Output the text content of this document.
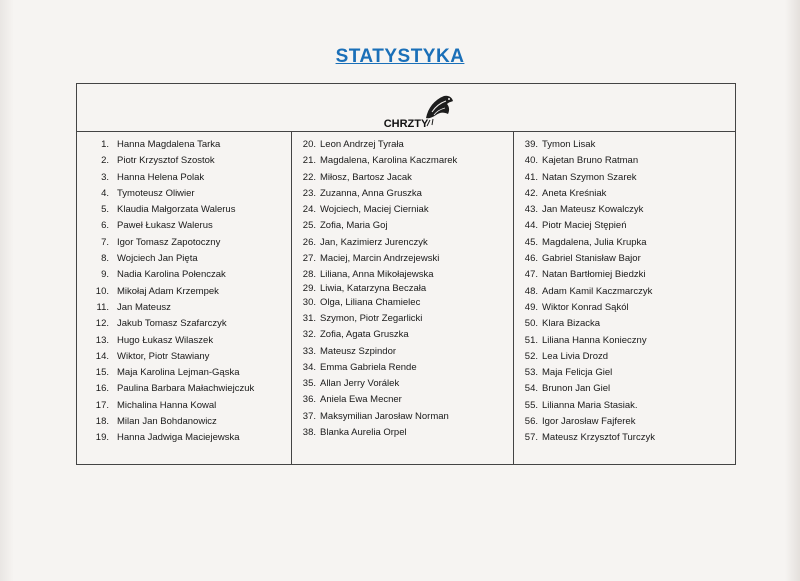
STATYSTYKA
CHRZTY
1. Hanna Magdalena Tarka
2. Piotr Krzysztof Szostok
3. Hanna Helena Polak
4. Tymoteusz Oliwier
5. Klaudia Małgorzata Walerus
6. Paweł Łukasz Walerus
7. Igor Tomasz Zapotoczny
8. Wojciech Jan Pięta
9. Nadia Karolina Połenczak
10. Mikołaj Adam Krzempek
11. Jan Mateusz
12. Jakub Tomasz Szafarczyk
13. Hugo Łukasz Wilaszek
14. Wiktor, Piotr Stawiany
15. Maja Karolina Lejman-Gąska
16. Paulina Barbara Małachwiejczuk
17. Michalina Hanna Kowal
18. Milan Jan Bohdanowicz
19. Hanna Jadwiga Maciejewska
20. Leon Andrzej Tyrała
21. Magdalena, Karolina Kaczmarek
22. Miłosz, Bartosz Jacak
23. Zuzanna, Anna Gruszka
24. Wojciech, Maciej Cierniak
25. Zofia, Maria Goj
26. Jan, Kazimierz Jurenczyk
27. Maciej, Marcin Andrzejewski
28. Liliana, Anna Mikołajewska
29. Liwia, Katarzyna Beczała
30. Olga, Liliana Chamielec
31. Szymon, Piotr Zegarlicki
32. Zofia, Agata Gruszka
33. Mateusz Szpindor
34. Emma Gabriela Rende
35. Allan Jerry Vorálek
36. Aniela Ewa Mecner
37. Maksymilian Jarosław Norman
38. Blanka Aurelia Orpel
39. Tymon Lisak
40. Kajetan Bruno Ratman
41. Natan Szymon Szarek
42. Aneta Kreśniak
43. Jan Mateusz Kowalczyk
44. Piotr Maciej Stępień
45. Magdalena, Julia Krupka
46. Gabriel Stanisław Bajor
47. Natan Bartłomiej Biedzki
48. Adam Kamil Kaczmarczyk
49. Wiktor Konrad Sąkól
50. Klara Bizacka
51. Liliana Hanna Konieczny
52. Lea Livia Drozd
53. Maja Felicja Giel
54. Brunon Jan Giel
55. Lilianna Maria Stasiak.
56. Igor Jarosław Fajferek
57. Mateusz Krzysztof Turczyk
